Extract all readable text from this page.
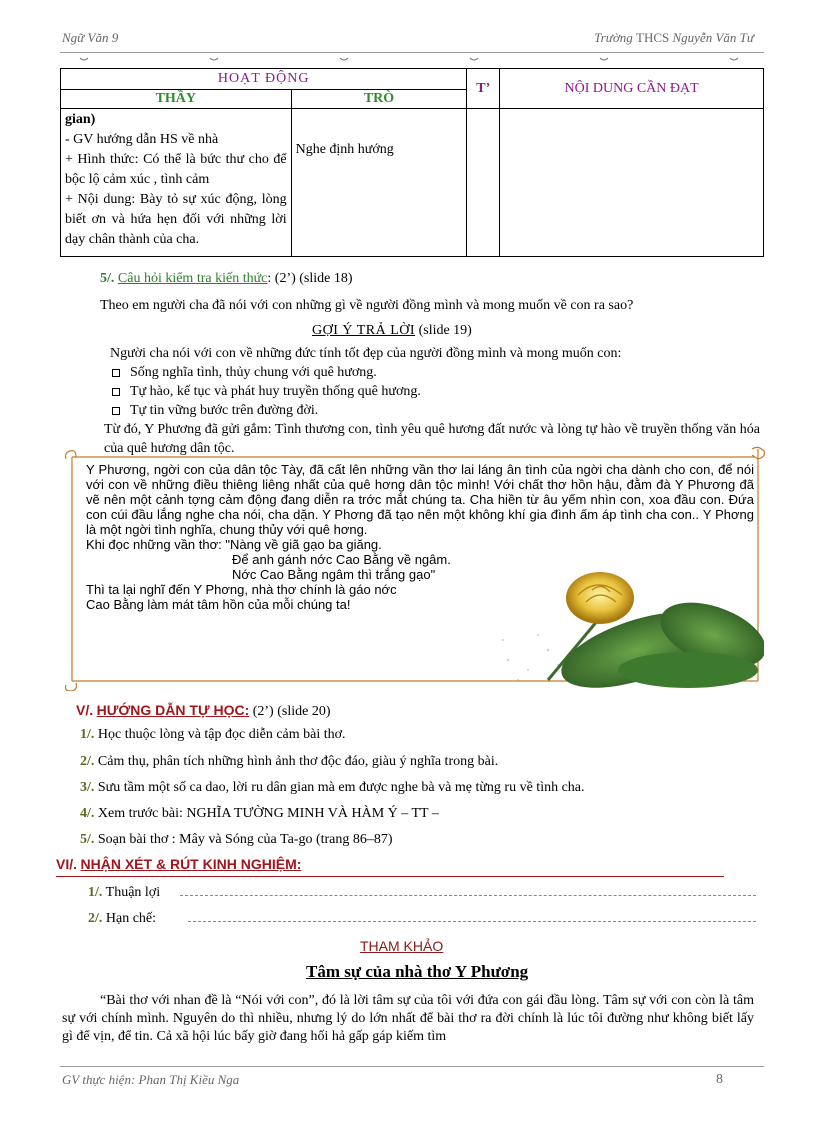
Ngữ Văn 9	Trường THCS Nguyễn Văn Tư
HOẠT ĐỘNG		T’	NỘI DUNG CẦN ĐẠT
THẦY	TRÒ		

gian)
- GV hướng dẫn HS về nhà
+ Hình thức: Có thể là bức thư cho để bộc lộ cảm xúc , tình cảm
+ Nội dung: Bày tỏ sự xúc động, lòng biết ơn và hứa hẹn đối với những lời dạy chân thành của cha.	Nghe định hướng		

5/. Câu hỏi kiểm tra kiến thức: (2’) (slide 18)
Theo em người cha đã nói với con những gì về người đồng mình và mong muốn về con ra sao?
GỢI Ý TRẢ LỜI (slide 19)
Người cha nói với con về những đức tính tốt đẹp của người đồng mình và mong muốn con:
Sống nghĩa tình, thủy chung với quê hương.
Tự hào, kế tục và phát huy truyền thống quê hương.
Tự tin vững bước trên đường đời.
Từ đó, Y Phương đã gửi gắm: Tình thương con, tình yêu quê hương đất nước và lòng tự hào về truyền thống văn hóa của quê hương dân tộc.
Y Phương, ngời con của dân tộc Tày, đã cất lên những vần thơ lai láng ân tình của ngời cha dành cho con, để nói với con về những điều thiêng liêng nhất của quê hơng dân tộc mình! Với chất thơ hồn hậu, đằm đà Y Phương đã vẽ nên một cảnh tợng cảm động đang diễn ra trớc mắt chúng ta. Cha hiền từ âu yếm nhìn con, xoa đầu con. Đứa con cúi đầu lắng nghe cha nói, cha dặn. Y Phơng đã tạo nên một không khí gia đình ấm áp tình cha con.. Y Phơng là một ngời tình nghĩa, chung thủy với quê hơng.
Khi đọc những vần thơ: "Nàng về giã gạo ba giăng.
Để anh gánh nớc Cao Bằng về ngâm.
Nớc Cao Bằng ngâm thì trắng gạo"
Thì ta lại nghĩ đến Y Phơng, nhà thơ chính là gáo nớc
Cao Bằng làm mát tâm hồn của mỗi chúng ta!
V/. HƯỚNG DẪN TỰ HỌC: (2’) (slide 20)
1/. Học thuộc lòng và tập đọc diễn cảm bài thơ.
2/. Cảm thụ, phân tích những hình ảnh thơ độc đáo, giàu ý nghĩa trong bài.
3/. Sưu tầm một số ca dao, lời ru dân gian mà em được nghe bà và mẹ từng ru về tình cha.
4/. Xem trước bài: NGHĨA TƯỜNG MINH VÀ HÀM Ý – TT –
5/. Soạn bài thơ : Mây và Sóng của Ta-go (trang 86–87)
VI/. NHẬN XÉT & RÚT KINH NGHIỆM:
1/. Thuận lợi
2/. Hạn chế:
THAM KHẢO
Tâm sự của nhà thơ Y Phương
“Bài thơ với nhan đề là “Nói với con”, đó là lời tâm sự của tôi với đứa con gái đầu lòng. Tâm sự với con còn là tâm sự với chính mình. Nguyên do thì nhiều, nhưng lý do lớn nhất để bài thơ ra đời chính là lúc tôi đường như không biết lấy gì để vịn, để tin. Cả xã hội lúc bấy giờ đang hối hả gấp gáp kiếm tìm
GV thực hiện: Phan Thị Kiều Nga	8
